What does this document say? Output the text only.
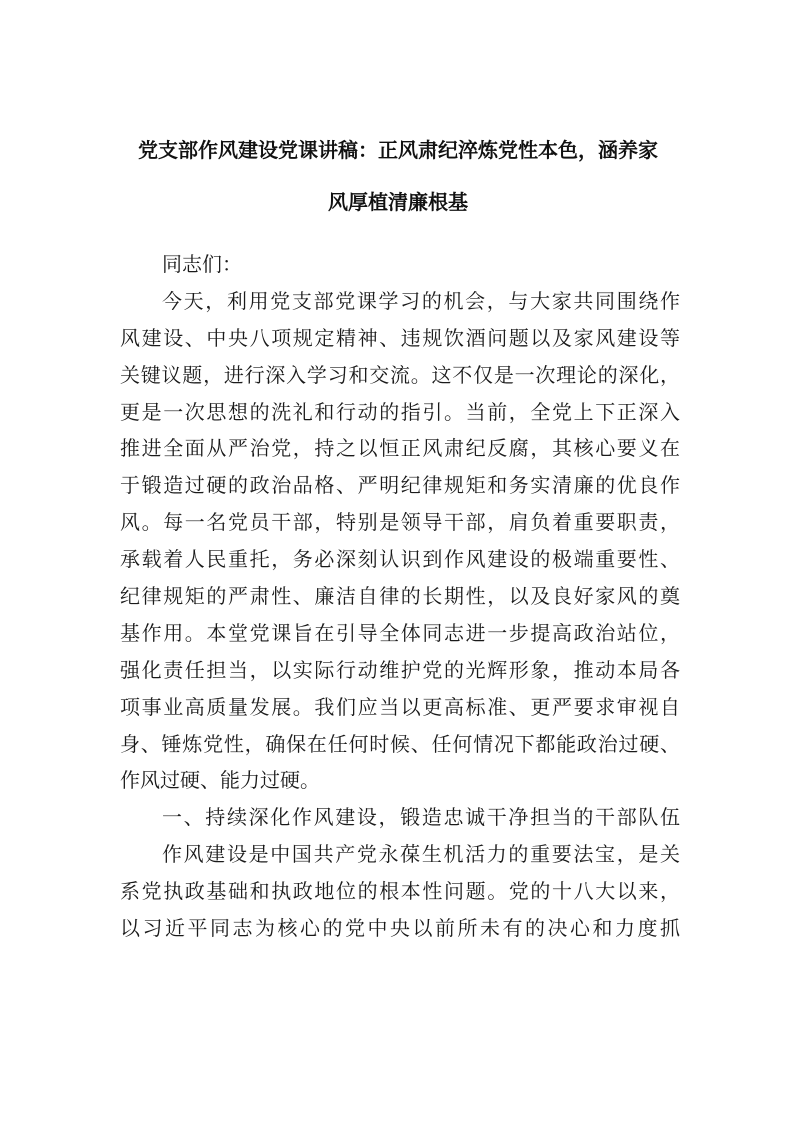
党支部作风建设党课讲稿：正风肃纪淬炼党性本色，涵养家
风厚植清廉根基
同志们：
今天，利用党支部党课学习的机会，与大家共同围绕作
风建设、中央八项规定精神、违规饮酒问题以及家风建设等
关键议题，进行深入学习和交流。这不仅是一次理论的深化，
更是一次思想的洗礼和行动的指引。当前，全党上下正深入
推进全面从严治党，持之以恒正风肃纪反腐，其核心要义在
于锻造过硬的政治品格、严明纪律规矩和务实清廉的优良作
风。每一名党员干部，特别是领导干部，肩负着重要职责，
承载着人民重托，务必深刻认识到作风建设的极端重要性、
纪律规矩的严肃性、廉洁自律的长期性，以及良好家风的奠
基作用。本堂党课旨在引导全体同志进一步提高政治站位，
强化责任担当，以实际行动维护党的光辉形象，推动本局各
项事业高质量发展。我们应当以更高标准、更严要求审视自
身、锤炼党性，确保在任何时候、任何情况下都能政治过硬、
作风过硬、能力过硬。
一、持续深化作风建设，锻造忠诚干净担当的干部队伍
作风建设是中国共产党永葆生机活力的重要法宝，是关
系党执政基础和执政地位的根本性问题。党的十八大以来，
以习近平同志为核心的党中央以前所未有的决心和力度抓
